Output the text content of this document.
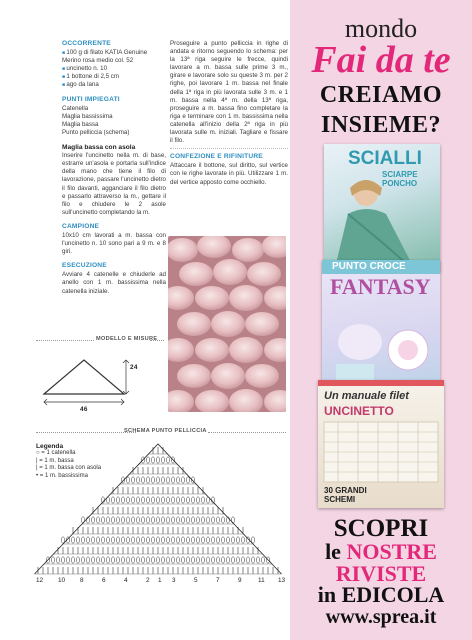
OCCORRENTE
■ 100 g di filato KATIA Genuine Merino rosa medio col. 52
■ uncinetto n. 10
■ 1 bottone di 2,5 cm
■ ago da lana
PUNTI IMPIEGATI
Catenella
Maglia bassissima
Maglia bassa
Punto pelliccia (schema)
Maglia bassa con asola
Inserire l'uncinetto nella m. di base, estrarre un'asola e portarla sull'indice della mano che tiene il filo di lavorazione, passare l'uncinetto dietro il filo davanti, agganciare il filo dietro e passarlo attraverso la m., gettare il filo e chiudere le 2 asole sull'uncinetto completando la m.
CAMPIONE
10x10 cm lavorati a m. bassa con l'uncinetto n. 10 sono pari a 9 m. e 8 giri.
ESECUZIONE
Avviare 4 catenelle e chiuderle ad anello con 1 m. bassissima nella catenella iniziale.
Proseguire a punto pelliccia in righe di andata e ritorno seguendo lo schema: per la 13ª riga seguire le frecce, quindi lavorare a m. bassa sulle prime 3 m., girare e lavorare solo su queste 3 m. per 2 righe, poi lavorare 1 m. bassa nel finale della 1ª riga in più lavorata sulle 3 m. e 1 m. bassa nella 4ª m. della 13ª riga, proseguire a m. bassa fino completare la riga e terminare con 1 m. bassissima nella catenella all'inizio della 2ª riga in più lavorata sulle m. iniziali. Tagliare e fissare il filo.
CONFEZIONE E RIFINITURE
Attaccare il bottone, sul diritto, sul vertice con le righe lavorate in più. Utilizzare 1 m. del vertice apposto come occhiello.
MODELLO E MISURE
24
46
SCHEMA PUNTO PELLICCIA
Legenda
○ = 1 catenella
| = 1 m. bassa
| = 1 m. bassa con asola
• = 1 m. bassissima
12 10 8	6	4	2 1 3	5	7	9	11 13
mondo
Fai da te
CREIAMO
INSIEME?
SCIALLI
SCIARPE PONCHO
PUNTO CROCE
FANTASY
Un manuale filet
UNCINETTO
30 GRANDI SCHEMI
SCOPRI
le NOSTRE
RIVISTE
in EDICOLA
www.sprea.it
